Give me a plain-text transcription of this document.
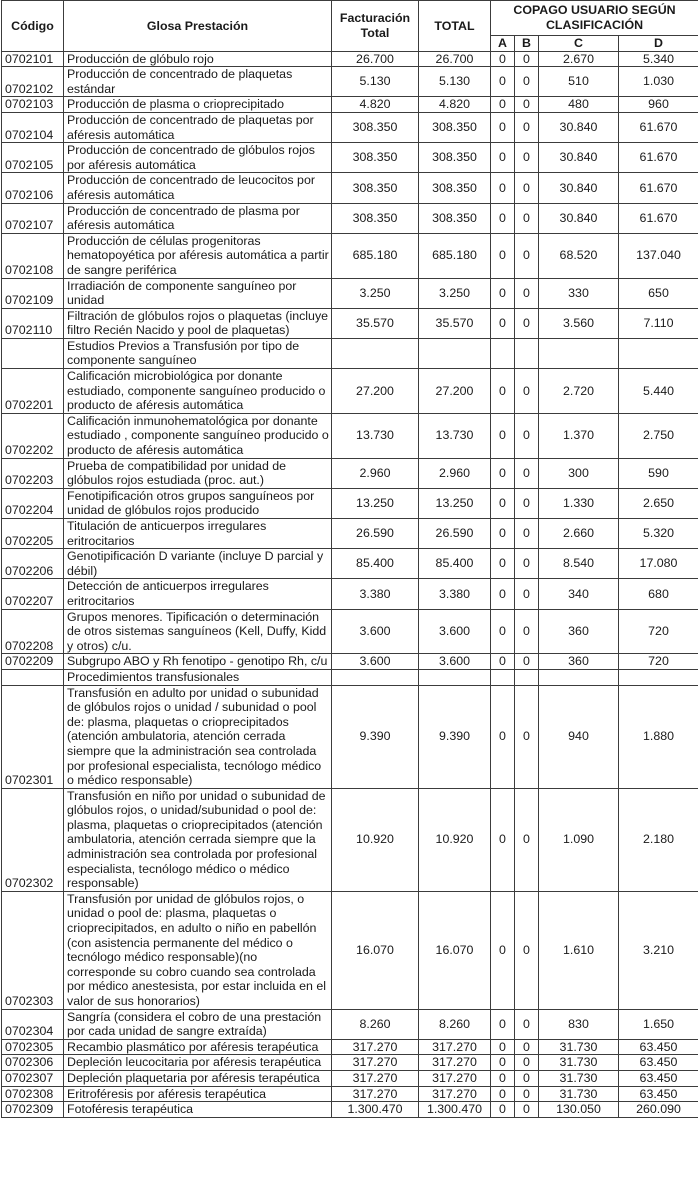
Código	Glosa Prestación	Facturación Total	TOTAL	COPAGO USUARIO SEGÚN CLASIFICACIÓN			
				A	B	C	D
0702101	Producción de glóbulo rojo	26.700	26.700	0	0	2.670	5.340
0702102	Producción de concentrado de plaquetas estándar	5.130	5.130	0	0	510	1.030
0702103	Producción de plasma o crioprecipitado	4.820	4.820	0	0	480	960
0702104	Producción de concentrado de plaquetas por aféresis automática	308.350	308.350	0	0	30.840	61.670
0702105	Producción de concentrado de glóbulos rojos por aféresis automática	308.350	308.350	0	0	30.840	61.670
0702106	Producción de concentrado de leucocitos por aféresis automática	308.350	308.350	0	0	30.840	61.670
0702107	Producción de concentrado de plasma por aféresis automática	308.350	308.350	0	0	30.840	61.670
0702108	Producción de células progenitoras hematopoyética por aféresis automática a partir de sangre periférica	685.180	685.180	0	0	68.520	137.040
0702109	Irradiación de componente sanguíneo por unidad	3.250	3.250	0	0	330	650
0702110	Filtración de glóbulos rojos o plaquetas (incluye filtro Recién Nacido y pool de plaquetas)	35.570	35.570	0	0	3.560	7.110
	Estudios Previos a Transfusión por tipo de componente sanguíneo						
0702201	Calificación microbiológica por donante estudiado, componente sanguíneo producido o producto de aféresis automática	27.200	27.200	0	0	2.720	5.440
0702202	Calificación inmunohematológica por donante estudiado , componente sanguíneo producido o producto de aféresis automática	13.730	13.730	0	0	1.370	2.750
0702203	Prueba de compatibilidad por unidad de glóbulos rojos estudiada (proc. aut.)	2.960	2.960	0	0	300	590
0702204	Fenotipificación otros grupos sanguíneos por unidad de glóbulos rojos producido	13.250	13.250	0	0	1.330	2.650
0702205	Titulación de anticuerpos irregulares eritrocitarios	26.590	26.590	0	0	2.660	5.320
0702206	Genotipificación D variante (incluye D parcial y débil)	85.400	85.400	0	0	8.540	17.080
0702207	Detección de anticuerpos irregulares eritrocitarios	3.380	3.380	0	0	340	680
0702208	Grupos menores. Tipificación o determinación de otros sistemas sanguíneos (Kell, Duffy, Kidd y otros) c/u.	3.600	3.600	0	0	360	720
0702209	Subgrupo ABO y Rh fenotipo - genotipo Rh, c/u	3.600	3.600	0	0	360	720
	Procedimientos transfusionales						
0702301	Transfusión en adulto por unidad o subunidad de glóbulos rojos o unidad / subunidad o pool de: plasma, plaquetas o crioprecipitados (atención ambulatoria, atención cerrada siempre que la administración sea controlada por profesional especialista, tecnólogo médico o médico responsable)	9.390	9.390	0	0	940	1.880
0702302	Transfusión en niño por unidad o subunidad de glóbulos rojos, o unidad/subunidad o pool de: plasma, plaquetas o crioprecipitados (atención ambulatoria, atención cerrada siempre que la administración sea controlada por profesional especialista, tecnólogo médico o médico responsable)	10.920	10.920	0	0	1.090	2.180
0702303	Transfusión por unidad de glóbulos rojos, o unidad o pool de: plasma, plaquetas o crioprecipitados, en adulto o niño en pabellón (con asistencia permanente del médico o tecnólogo médico responsable)(no corresponde su cobro cuando sea controlada por médico anestesista, por estar incluida en el valor de sus honorarios)	16.070	16.070	0	0	1.610	3.210
0702304	Sangría (considera el cobro de una prestación por cada unidad de sangre extraída)	8.260	8.260	0	0	830	1.650
0702305	Recambio plasmático por aféresis terapéutica	317.270	317.270	0	0	31.730	63.450
0702306	Depleción leucocitaria por aféresis terapéutica	317.270	317.270	0	0	31.730	63.450
0702307	Depleción plaquetaria por aféresis terapéutica	317.270	317.270	0	0	31.730	63.450
0702308	Eritroféresis por aféresis terapéutica	317.270	317.270	0	0	31.730	63.450
0702309	Fotoféresis terapéutica	1.300.470	1.300.470	0	0	130.050	260.090
